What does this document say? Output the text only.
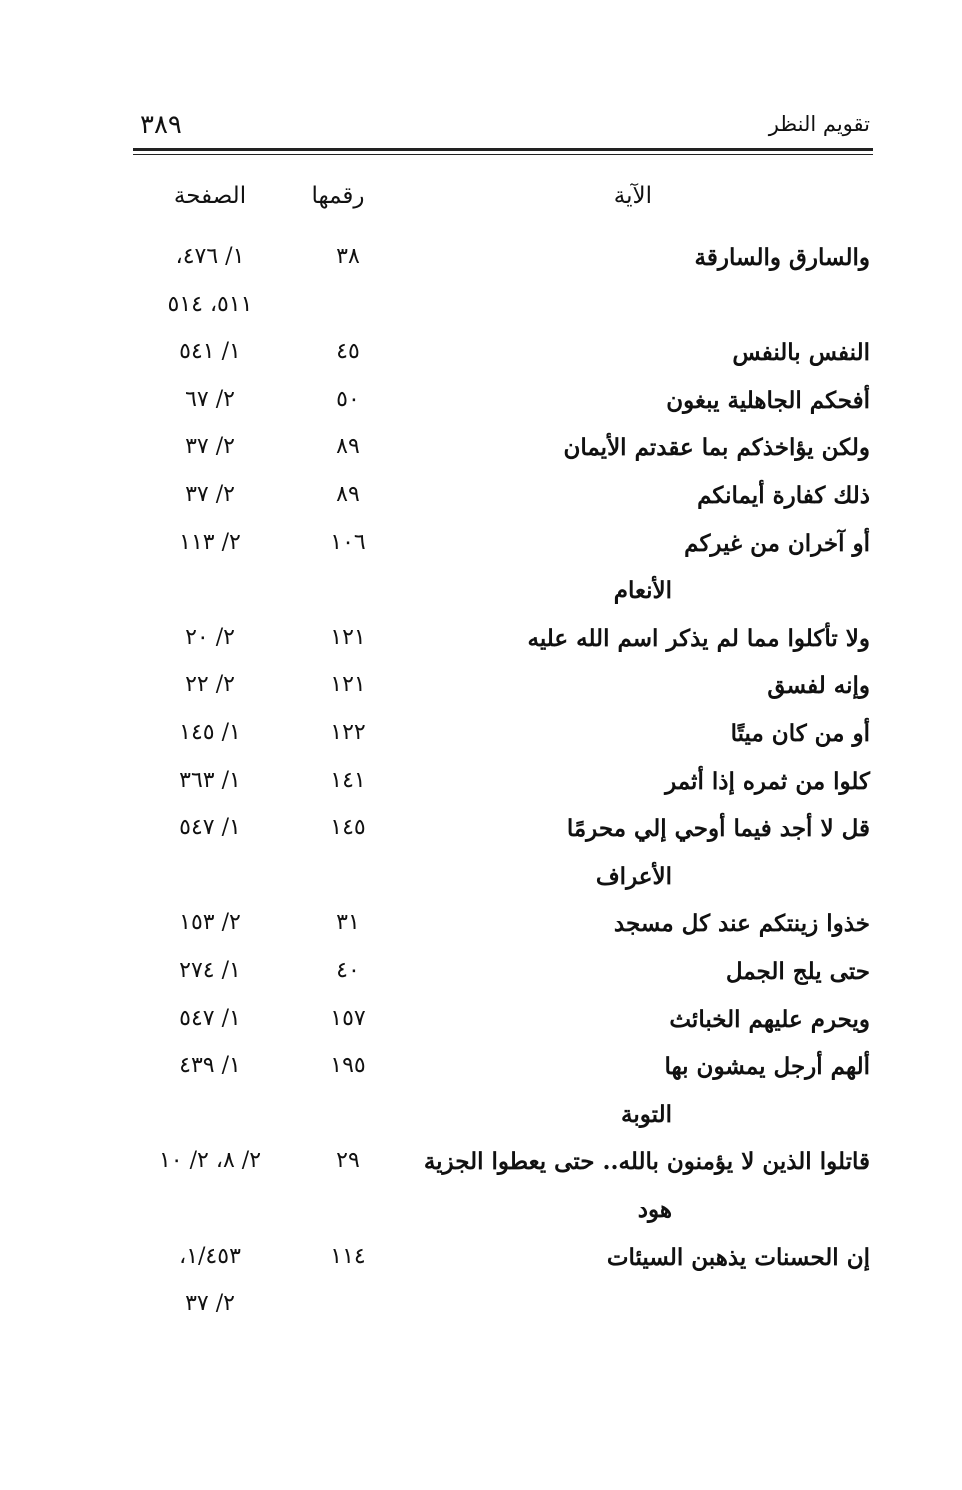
تقويم النظر
٣٨٩
الآية
رقمها
الصفحة
والسارق والسارقة
٣٨
١/ ٤٧٦،
٥١١، ٥١٤
النفس بالنفس
٤٥
١/ ٥٤١
أفحكم الجاهلية يبغون
٥٠
٢/ ٦٧
ولكن يؤاخذكم بما عقدتم الأيمان
٨٩
٢/ ٣٧
ذلك كفارة أيمانكم
٨٩
٢/ ٣٧
أو آخران من غيركم
١٠٦
٢/ ١١٣
الأنعام
ولا تأكلوا مما لم يذكر اسم الله عليه
١٢١
٢/ ٢٠
وإنه لفسق
١٢١
٢/ ٢٢
أو من كان ميتًا
١٢٢
١/ ١٤٥
كلوا من ثمره إذا أثمر
١٤١
١/ ٣٦٣
قل لا أجد فيما أوحي إلي محرمًا
١٤٥
١/ ٥٤٧
الأعراف
خذوا زينتكم عند كل مسجد
٣١
٢/ ١٥٣
حتى يلج الجمل
٤٠
١/ ٢٧٤
ويحرم عليهم الخبائث
١٥٧
١/ ٥٤٧
ألهم أرجل يمشون بها
١٩٥
١/ ٤٣٩
التوبة
قاتلوا الذين لا يؤمنون بالله.. حتى يعطوا الجزية
٢٩
٢/ ٨، ٢/ ١٠
هود
إن الحسنات يذهبن السيئات
١١٤
١/٤٥٣،
٢/ ٣٧
